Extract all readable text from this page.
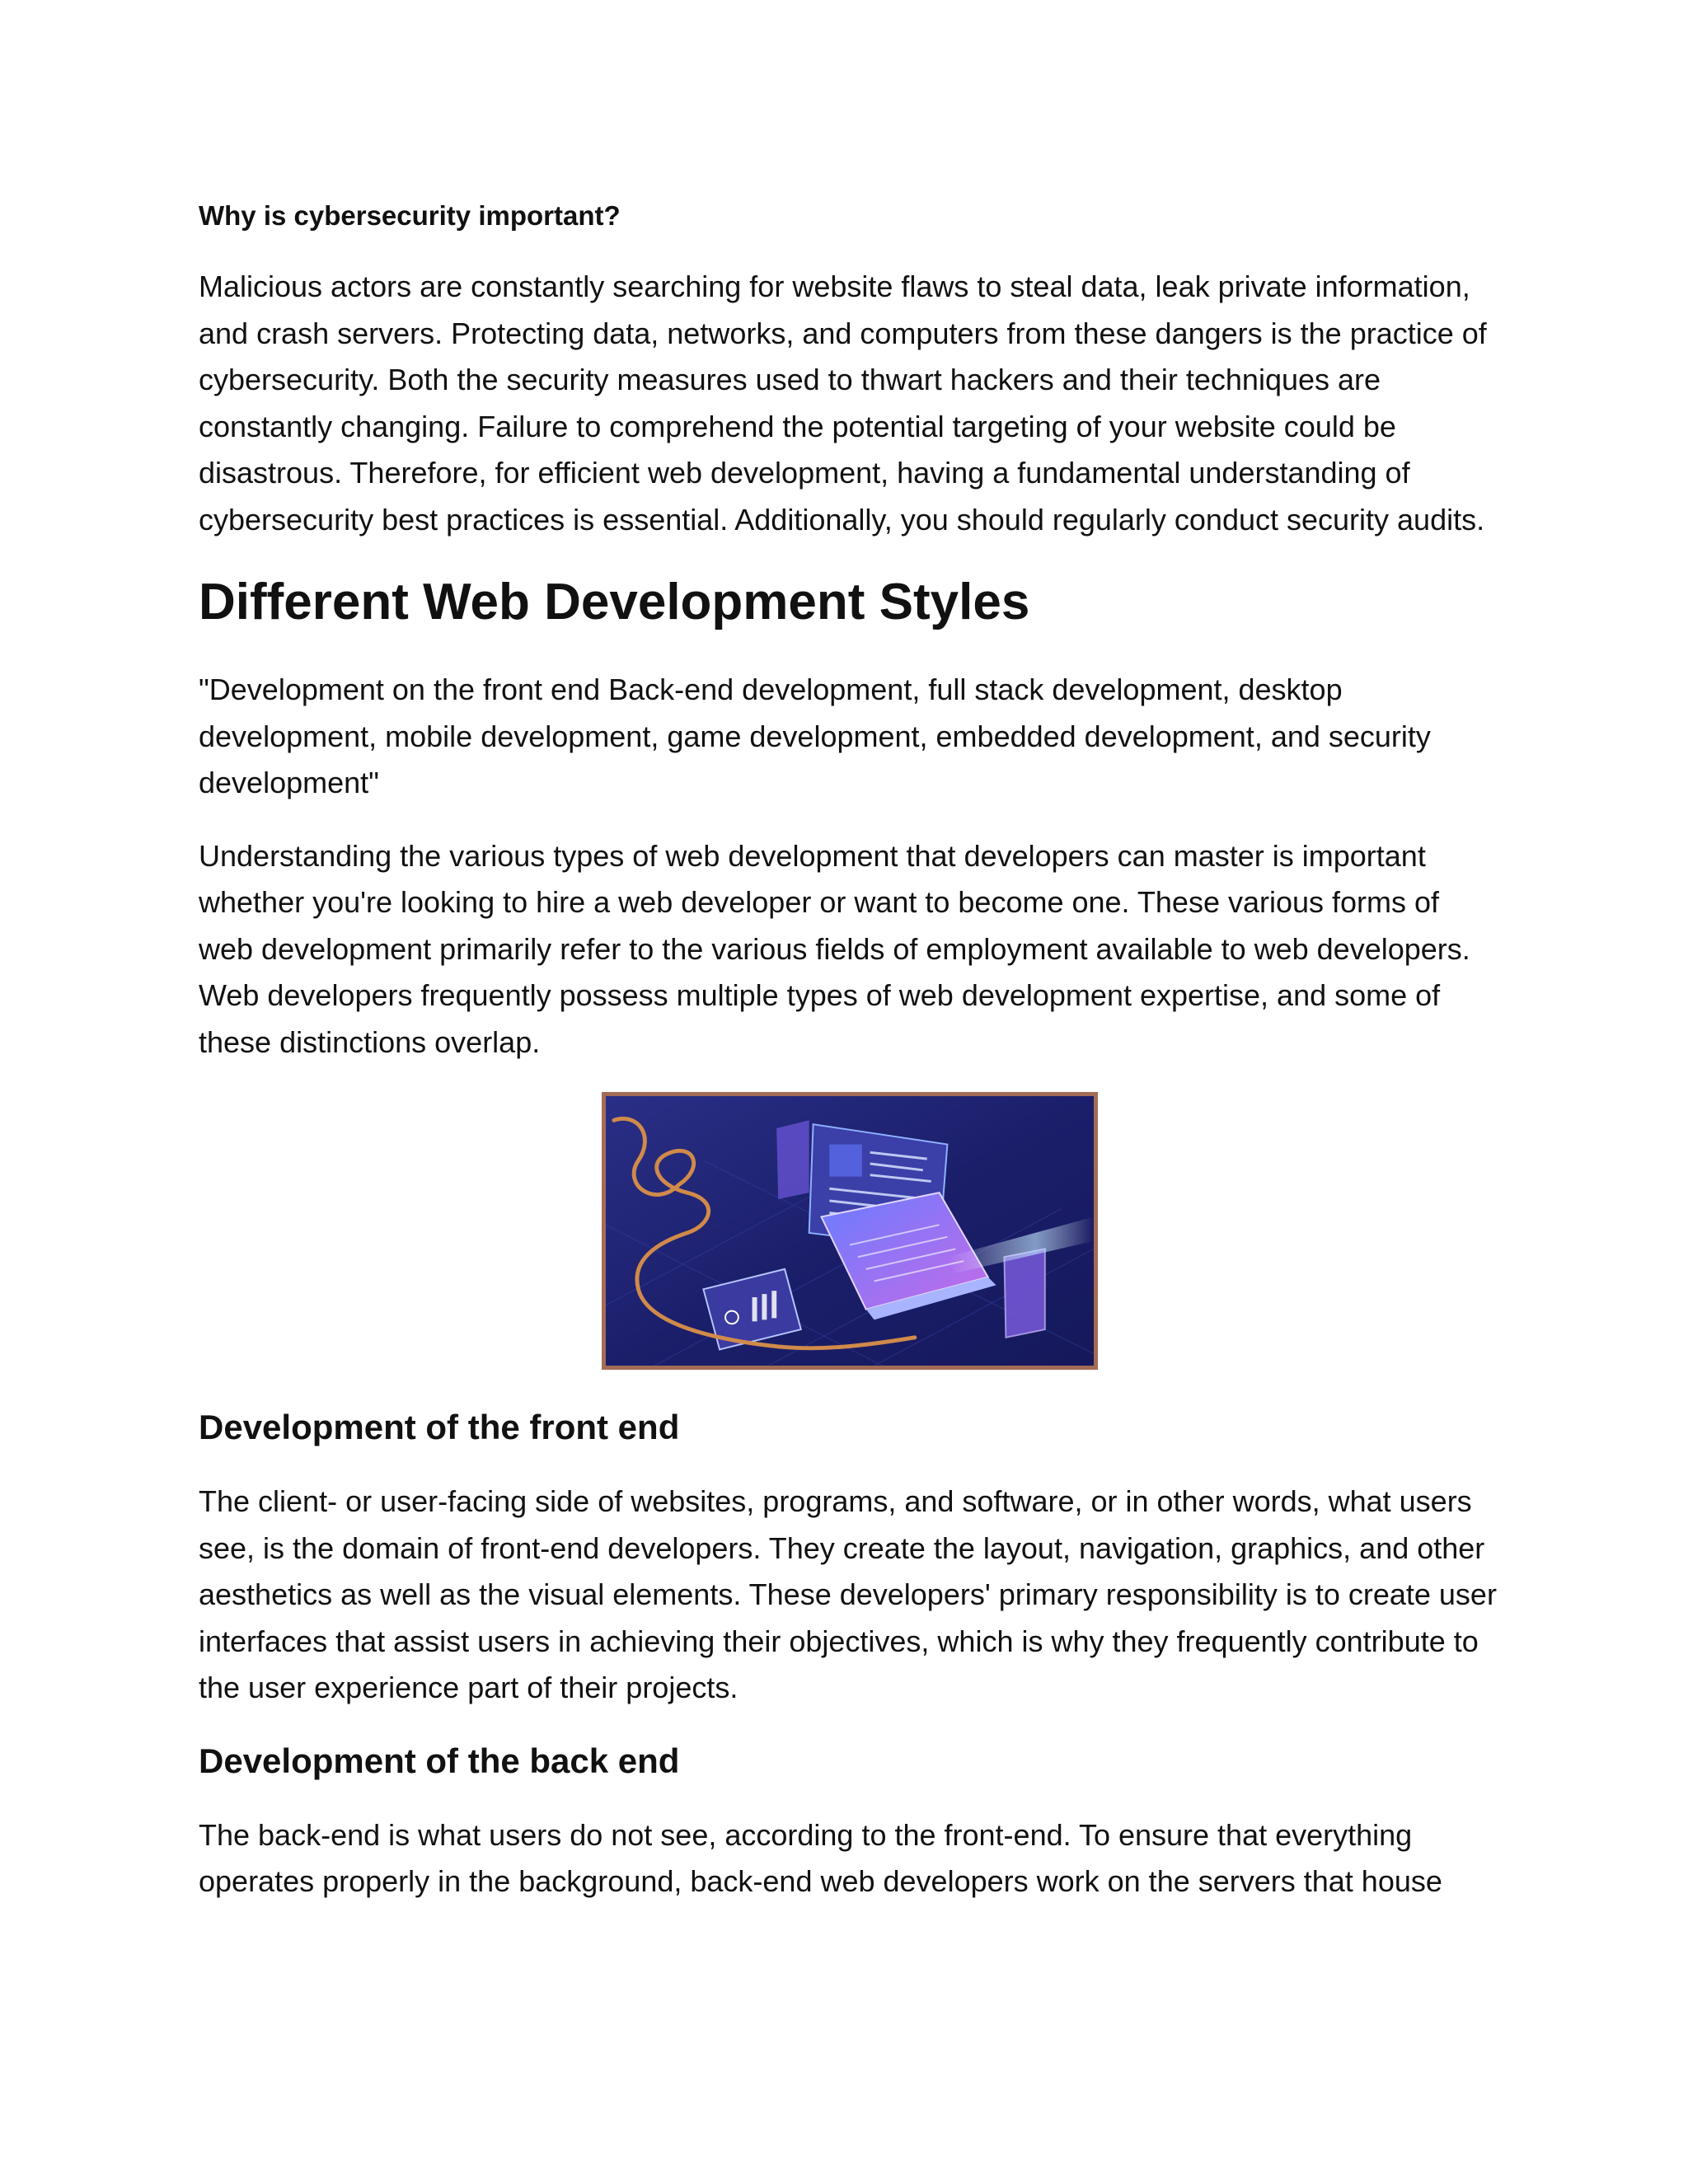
Why is cybersecurity important?

Malicious actors are constantly searching for website flaws to steal data, leak private information, and crash servers. Protecting data, networks, and computers from these dangers is the practice of cybersecurity. Both the security measures used to thwart hackers and their techniques are constantly changing. Failure to comprehend the potential targeting of your website could be disastrous. Therefore, for efficient web development, having a fundamental understanding of cybersecurity best practices is essential. Additionally, you should regularly conduct security audits.

Different Web Development Styles

"Development on the front end Back-end development, full stack development, desktop development, mobile development, game development, embedded development, and security development"

Understanding the various types of web development that developers can master is important whether you're looking to hire a web developer or want to become one. These various forms of web development primarily refer to the various fields of employment available to web developers. Web developers frequently possess multiple types of web development expertise, and some of these distinctions overlap.

Development of the front end

The client- or user-facing side of websites, programs, and software, or in other words, what users see, is the domain of front-end developers. They create the layout, navigation, graphics, and other aesthetics as well as the visual elements. These developers' primary responsibility is to create user interfaces that assist users in achieving their objectives, which is why they frequently contribute to the user experience part of their projects.

Development of the back end

The back-end is what users do not see, according to the front-end. To ensure that everything operates properly in the background, back-end web developers work on the servers that house
